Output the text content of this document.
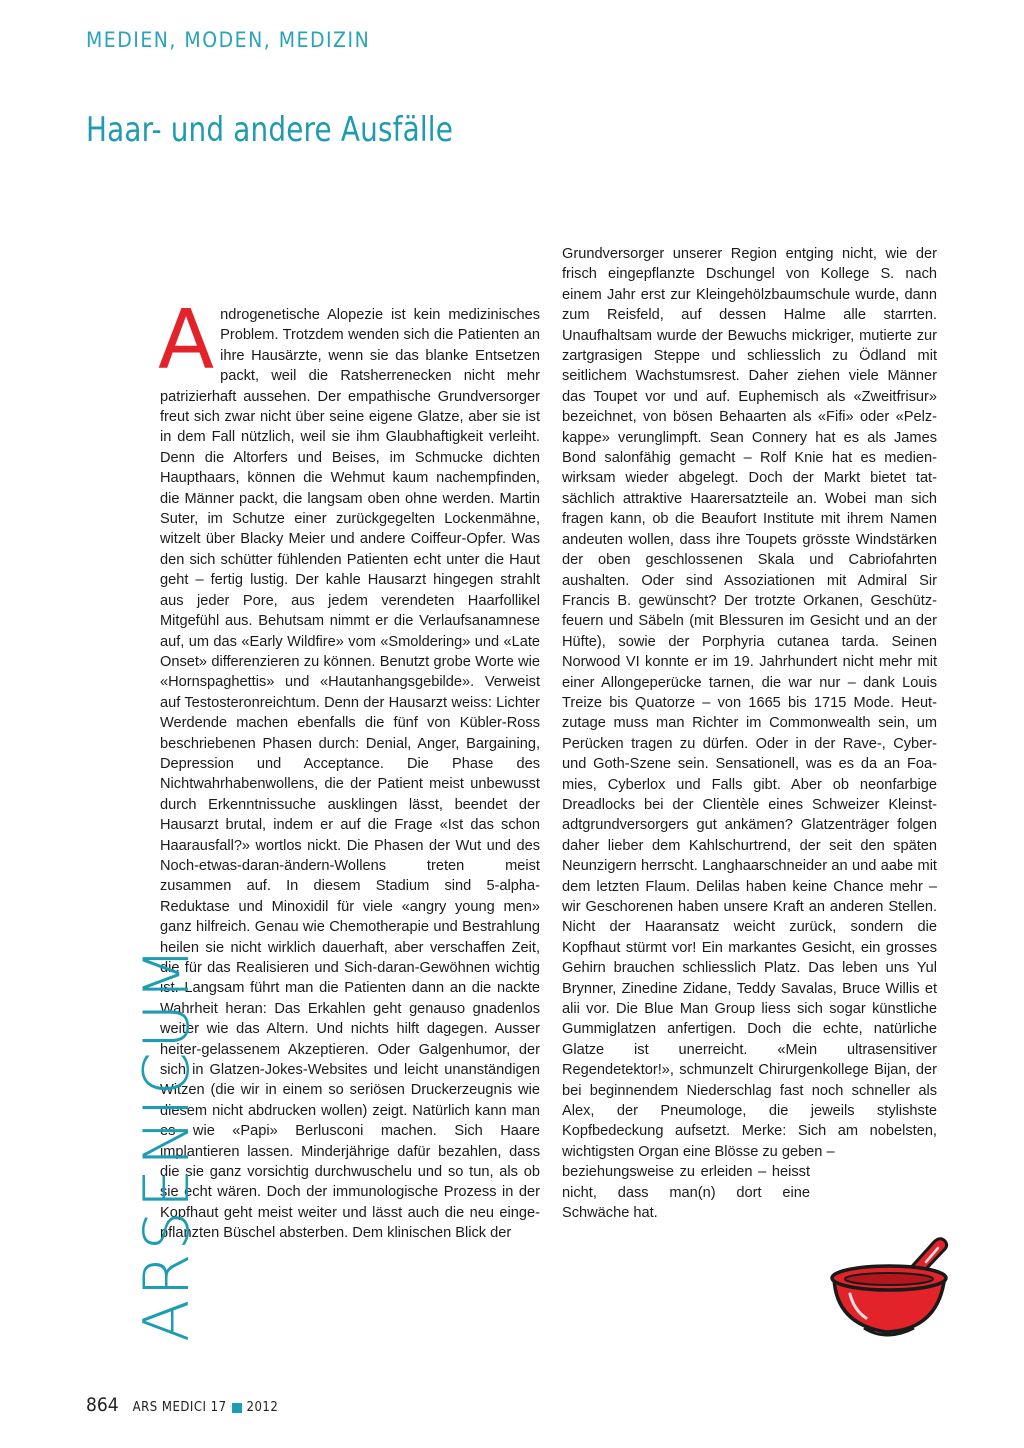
MEDIEN, MODEN, MEDIZIN
Haar- und andere Ausfälle

Androgenetische Alopezie ist kein medizinisches Problem. Trotzdem wenden sich die Patienten an ihre Hausärzte, wenn sie das blanke Entsetzen packt, weil die Ratsherrenecken nicht mehr patrizierhaft aussehen. Der empathische Grundversorger freut sich zwar nicht über seine eigene Glatze, aber sie ist in dem Fall nützlich, weil sie ihm Glaubhaftigkeit verleiht. Denn die Altorfers und Beises, im Schmucke dichten Haupthaars, können die Wehmut kaum nachempfinden, die Männer packt, die langsam oben ohne werden. Martin Suter, im Schutze einer zurückgegelten Lockenmähne, witzelt über Blacky Meier und andere Coiffeur-Opfer. Was den sich schütter fühlenden Patienten echt unter die Haut geht – fertig lustig. Der kahle Hausarzt hingegen strahlt aus jeder Pore, aus jedem verendeten Haarfollikel Mitgefühl aus. Behutsam nimmt er die Verlaufsanamnese auf, um das «Early Wildfire» vom «Smoldering» und «Late Onset» differenzieren zu können. Benutzt grobe Worte wie «Hornspaghettis» und «Hautanhangsgebilde». Verweist auf Testosteronreichtum. Denn der Hausarzt weiss: Lichter Werdende machen ebenfalls die fünf von Kübler-Ross beschriebenen Phasen durch: Denial, Anger, Bargaining, Depression und Acceptance. Die Phase des Nichtwahrhabenwollens, die der Patient meist unbewusst durch Erkenntnissuche ausklingen lässt, beendet der Hausarzt brutal, indem er auf die Frage «Ist das schon Haarausfall?» wortlos nickt. Die Phasen der Wut und des Noch-etwas-daran-ändern-Wollens treten meist zusammen auf. In diesem Stadium sind 5-alpha-Reduktase und Minoxidil für viele «angry young men» ganz hilfreich. Genau wie Chemotherapie und Bestrahlung heilen sie nicht wirklich dauerhaft, aber verschaffen Zeit, die für das Realisieren und Sich-daran-Gewöhnen wichtig ist. Langsam führt man die Patienten dann an die nackte Wahrheit heran: Das Erkahlen geht genauso gnadenlos weiter wie das Altern. Und nichts hilft dagegen. Ausser heiter-gelassenem Akzeptieren. Oder Galgenhumor, der sich in Glatzen-Jokes-Websites und leicht unanständigen Witzen (die wir in einem so seriösen Druckerzeugnis wie diesem nicht abdrucken wollen) zeigt. Natürlich kann man es wie «Papi» Berlusconi machen. Sich Haare implantieren lassen. Minderjährige dafür bezahlen, dass die sie ganz vorsichtig durchwuschelu und so tun, als ob sie echt wären. Doch der immunologische Prozess in der Kopfhaut geht meist weiter und lässt auch die neu eingepflanzten Büschel absterben. Dem klinischen Blick der

Grundversorger unserer Region entging nicht, wie der frisch eingepflanzte Dschungel von Kollege S. nach einem Jahr erst zur Kleingehölzbaumschule wurde, dann zum Reisfeld, auf dessen Halme alle starrten. Unaufhaltsam wurde der Bewuchs mickriger, mutierte zur zartgrasigen Steppe und schliesslich zu Ödland mit seitlichem Wachstumsrest. Daher ziehen viele Männer das Toupet vor und auf. Euphemisch als «Zweitfrisur» bezeichnet, von bösen Behaarten als «Fifi» oder «Pelzkappe» verunglimpft. Sean Connery hat es als James Bond salonfähig gemacht – Rolf Knie hat es medienwirksam wieder abgelegt. Doch der Markt bietet tatsächlich attraktive Haarersatzteile an. Wobei man sich fragen kann, ob die Beaufort Institute mit ihrem Namen andeuten wollen, dass ihre Toupets grösste Windstärken der oben geschlossenen Skala und Cabriofahrten aushalten. Oder sind Assoziationen mit Admiral Sir Francis B. gewünscht? Der trotzte Orkanen, Geschützfeuern und Säbeln (mit Blessuren im Gesicht und an der Hüfte), sowie der Porphyria cutanea tarda. Seinen Norwood VI konnte er im 19. Jahrhundert nicht mehr mit einer Allongeperücke tarnen, die war nur – dank Louis Treize bis Quatorze – von 1665 bis 1715 Mode. Heutzutage muss man Richter im Commonwealth sein, um Perücken tragen zu dürfen. Oder in der Rave-, Cyber- und Goth-Szene sein. Sensationell, was es da an Foamies, Cyberlox und Falls gibt. Aber ob neonfarbige Dreadlocks bei der Clientèle eines Schweizer Kleinstadtgrundversorgers gut ankämen? Glatzenträger folgen daher lieber dem Kahlschurtrend, der seit den späten Neunzigern herrscht. Langhaarschneider an und aabe mit dem letzten Flaum. Delilas haben keine Chance mehr – wir Geschorenen haben unsere Kraft an anderen Stellen. Nicht der Haaransatz weicht zurück, sondern die Kopfhaut stürmt vor! Ein markantes Gesicht, ein grosses Gehirn brauchen schliesslich Platz. Das leben uns Yul Brynner, Zinedine Zidane, Teddy Savalas, Bruce Willis et alii vor. Die Blue Man Group liess sich sogar künstliche Gummiglatzen anfertigen. Doch die echte, natürliche Glatze ist unerreicht. «Mein ultrasensitiver Regendetektor!», schmunzelt Chirurgenkollege Bijan, der bei beginnendem Niederschlag fast noch schneller als Alex, der Pneumologe, die jeweils stylishste Kopfbedeckung aufsetzt. Merke: Sich am nobelsten, wichtigsten Organ eine Blösse zu geben –

beziehungsweise zu erleiden – heisst nicht, dass man(n) dort eine Schwäche hat.

ARSENICUM
864 ARS MEDICI 17 2012
